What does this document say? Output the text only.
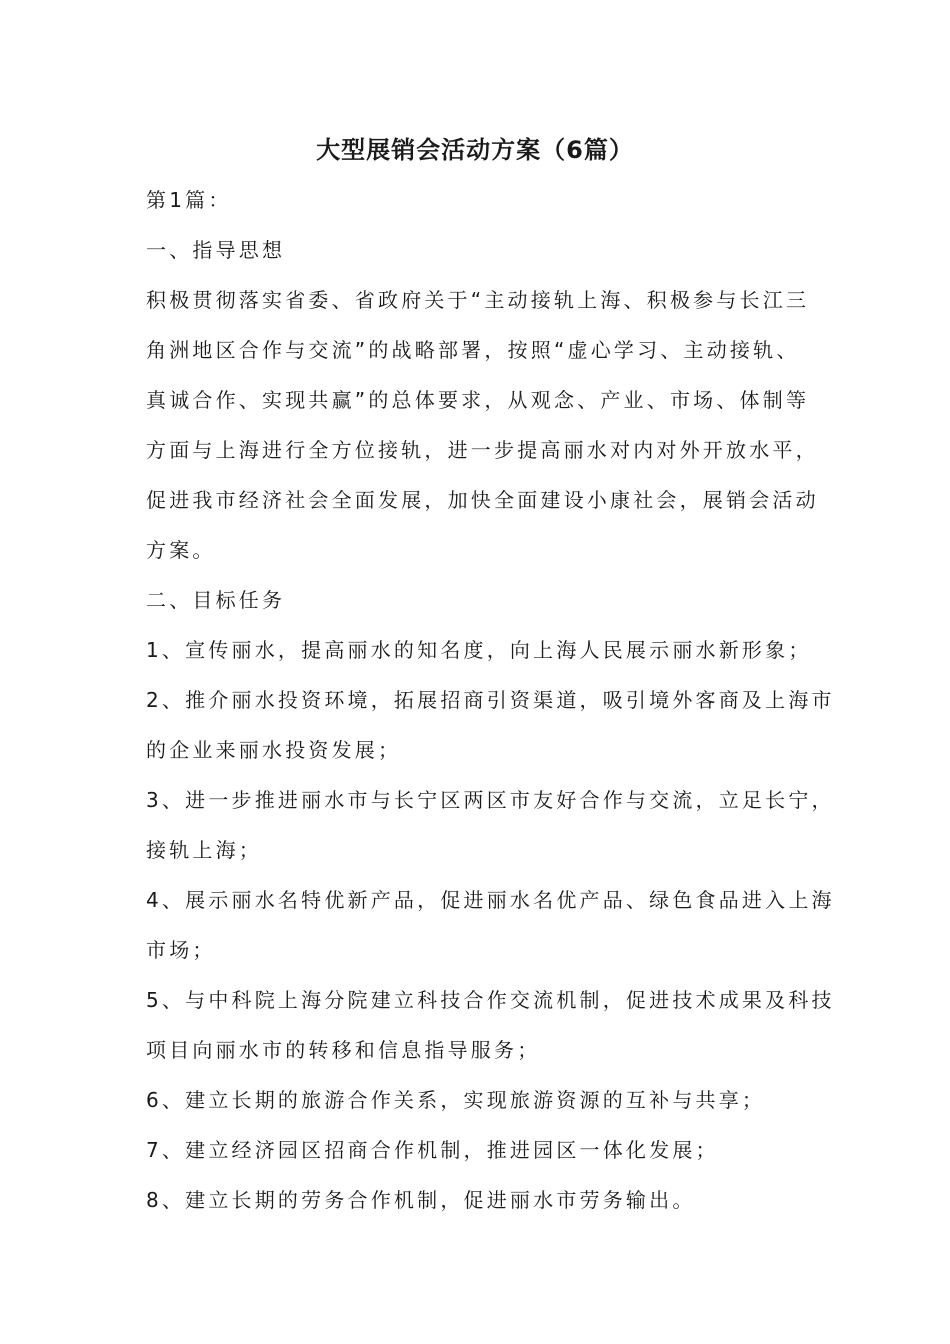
大型展销会活动方案（6篇）
第1篇：
一、指导思想
积极贯彻落实省委、省政府关于“主动接轨上海、积极参与长江三
角洲地区合作与交流”的战略部署，按照“虚心学习、主动接轨、
真诚合作、实现共赢”的总体要求，从观念、产业、市场、体制等
方面与上海进行全方位接轨，进一步提高丽水对内对外开放水平，
促进我市经济社会全面发展，加快全面建设小康社会，展销会活动
方案。
二、目标任务
1、宣传丽水，提高丽水的知名度，向上海人民展示丽水新形象；
2、推介丽水投资环境，拓展招商引资渠道，吸引境外客商及上海市
的企业来丽水投资发展；
3、进一步推进丽水市与长宁区两区市友好合作与交流，立足长宁，
接轨上海；
4、展示丽水名特优新产品，促进丽水名优产品、绿色食品进入上海
市场；
5、与中科院上海分院建立科技合作交流机制，促进技术成果及科技
项目向丽水市的转移和信息指导服务；
6、建立长期的旅游合作关系，实现旅游资源的互补与共享；
7、建立经济园区招商合作机制，推进园区一体化发展；
8、建立长期的劳务合作机制，促进丽水市劳务输出。
